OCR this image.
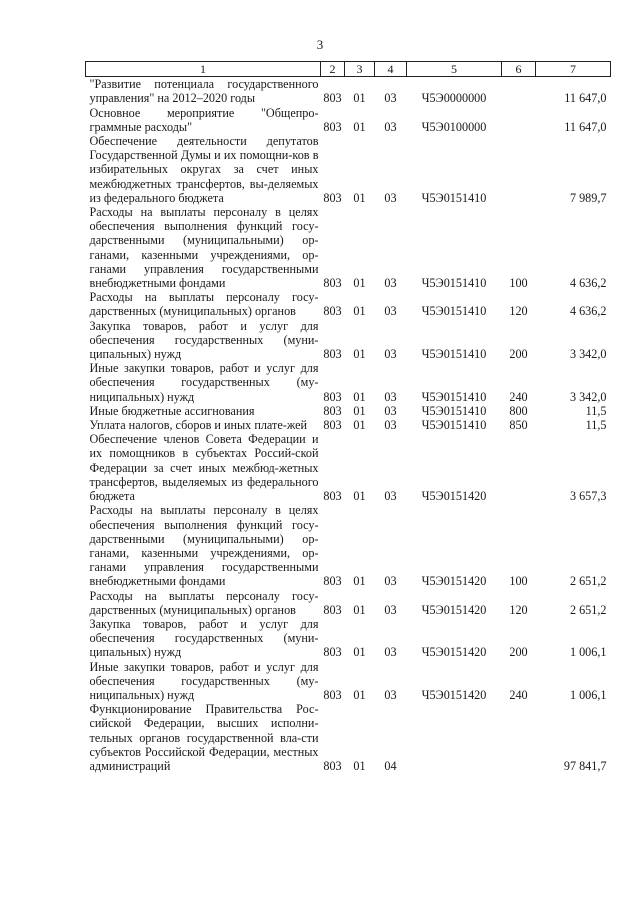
3
1	2	3	4	5	6	7
"Развитие потенциала государственного управления" на 2012–2020 годы	803	01	03	Ч5Э0000000		11 647,0
Основное мероприятие "Общепро-граммные расходы"	803	01	03	Ч5Э0100000		11 647,0
Обеспечение деятельности депутатов Государственной Думы и их помощни-ков в избирательных округах за счет иных межбюджетных трансфертов, вы-деляемых из федерального бюджета	803	01	03	Ч5Э0151410		7 989,7
Расходы на выплаты персоналу в целях обеспечения выполнения функций госу-дарственными (муниципальными) ор-ганами, казенными учреждениями, ор-ганами управления государственными внебюджетными фондами	803	01	03	Ч5Э0151410	100	4 636,2
Расходы на выплаты персоналу госу-дарственных (муниципальных) органов	803	01	03	Ч5Э0151410	120	4 636,2
Закупка товаров, работ и услуг для обеспечения государственных (муни-ципальных) нужд	803	01	03	Ч5Э0151410	200	3 342,0
Иные закупки товаров, работ и услуг для обеспечения государственных (му-ниципальных) нужд	803	01	03	Ч5Э0151410	240	3 342,0
Иные бюджетные ассигнования	803	01	03	Ч5Э0151410	800	11,5
Уплата налогов, сборов и иных плате-жей	803	01	03	Ч5Э0151410	850	11,5
Обеспечение членов Совета Федерации и их помощников в субъектах Россий-ской Федерации за счет иных межбюд-жетных трансфертов, выделяемых из федерального бюджета	803	01	03	Ч5Э0151420		3 657,3
Расходы на выплаты персоналу в целях обеспечения выполнения функций госу-дарственными (муниципальными) ор-ганами, казенными учреждениями, ор-ганами управления государственными внебюджетными фондами	803	01	03	Ч5Э0151420	100	2 651,2
Расходы на выплаты персоналу госу-дарственных (муниципальных) органов	803	01	03	Ч5Э0151420	120	2 651,2
Закупка товаров, работ и услуг для обеспечения государственных (муни-ципальных) нужд	803	01	03	Ч5Э0151420	200	1 006,1
Иные закупки товаров, работ и услуг для обеспечения государственных (му-ниципальных) нужд	803	01	03	Ч5Э0151420	240	1 006,1
Функционирование Правительства Рос-сийской Федерации, высших исполни-тельных органов государственной вла-сти субъектов Российской Федерации, местных администраций	803	01	04			97 841,7
